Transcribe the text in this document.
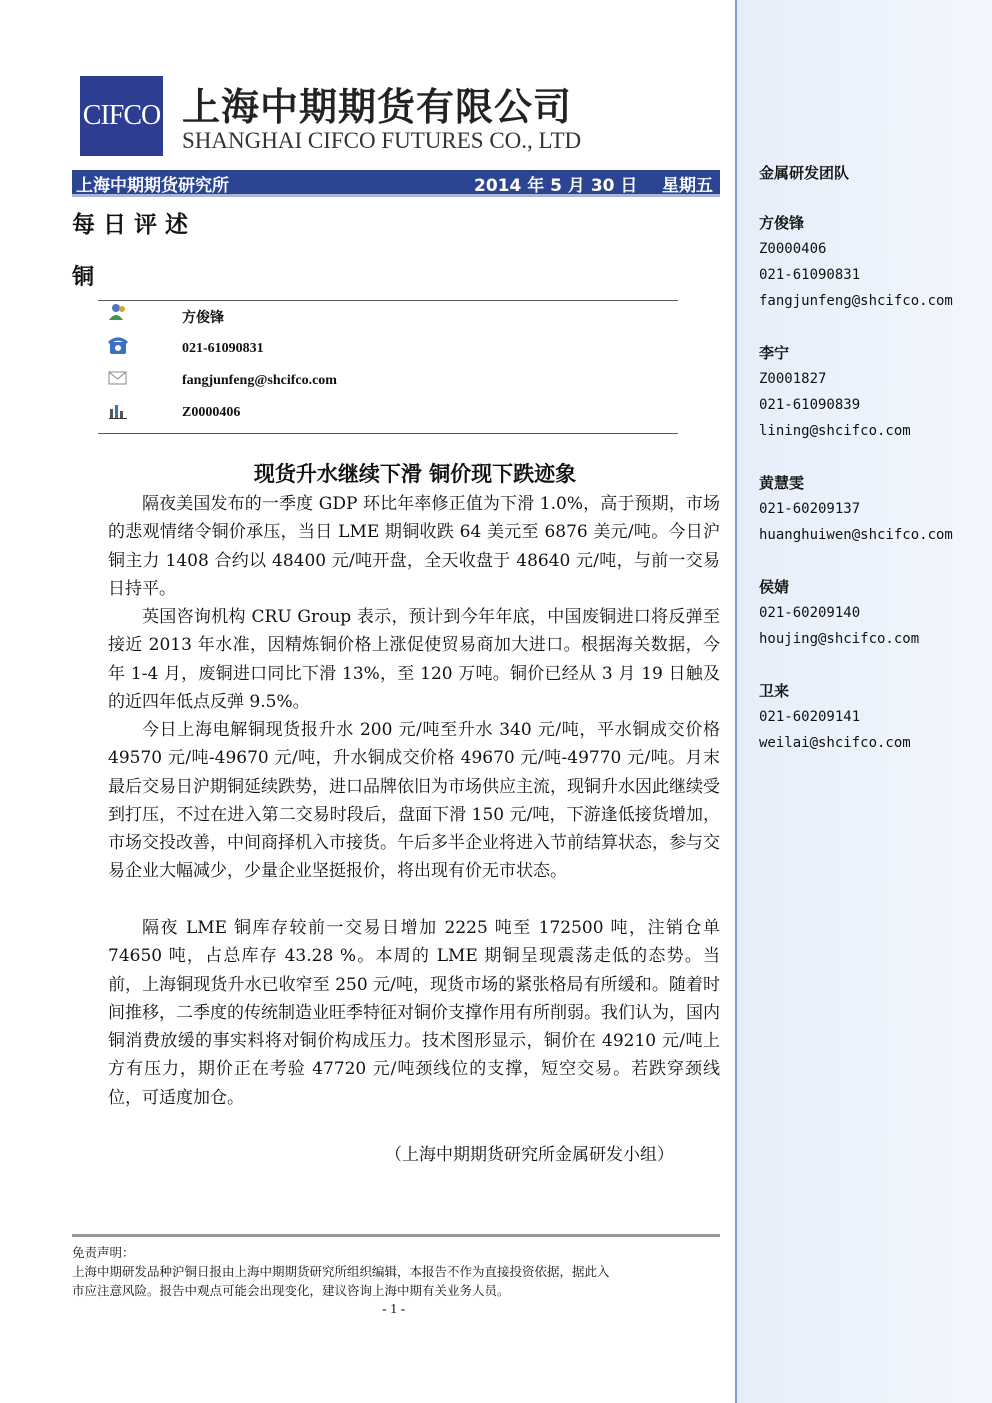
CIFCO 上海中期期货有限公司
SHANGHAI CIFCO FUTURES CO., LTD
上海中期期货研究所	2014 年 5 月 30 日 星期五
每日评述
铜
方俊锋
021-61090831
fangjunfeng@shcifco.com
Z0000406
现货升水继续下滑 铜价现下跌迹象

隔夜美国发布的一季度 GDP 环比年率修正值为下滑 1.0%，高于预期，市场的悲观情绪令铜价承压，当日 LME 期铜收跌 64 美元至 6876 美元/吨。今日沪铜主力 1408 合约以 48400 元/吨开盘，全天收盘于 48640 元/吨，与前一交易日持平。

英国咨询机构 CRU Group 表示，预计到今年年底，中国废铜进口将反弹至接近 2013 年水准，因精炼铜价格上涨促使贸易商加大进口。根据海关数据，今年 1-4 月，废铜进口同比下滑 13%，至 120 万吨。铜价已经从 3 月 19 日触及的近四年低点反弹 9.5%。

今日上海电解铜现货报升水 200 元/吨至升水 340 元/吨，平水铜成交价格 49570 元/吨-49670 元/吨，升水铜成交价格 49670 元/吨-49770 元/吨。月末最后交易日沪期铜延续跌势，进口品牌依旧为市场供应主流，现铜升水因此继续受到打压，不过在进入第二交易时段后，盘面下滑 150 元/吨，下游逢低接货增加，市场交投改善，中间商择机入市接货。午后多半企业将进入节前结算状态，参与交易企业大幅减少，少量企业坚挺报价，将出现有价无市状态。

隔夜 LME 铜库存较前一交易日增加 2225 吨至 172500 吨，注销仓单 74650 吨，占总库存 43.28 %。本周的 LME 期铜呈现震荡走低的态势。当前，上海铜现货升水已收窄至 250 元/吨，现货市场的紧张格局有所缓和。随着时间推移，二季度的传统制造业旺季特征对铜价支撑作用有所削弱。我们认为，国内铜消费放缓的事实料将对铜价构成压力。技术图形显示，铜价在 49210 元/吨上方有压力，期价正在考验 47720 元/吨颈线位的支撑，短空交易。若跌穿颈线位，可适度加仓。

（上海中期期货研究所金属研发小组）
免责声明：
上海中期研发品种沪铜日报由上海中期期货研究所组织编辑，本报告不作为直接投资依据，据此入
市应注意风险。报告中观点可能会出现变化，建议咨询上海中期有关业务人员。
- 1 -
金属研发团队
方俊锋
Z0000406
021-61090831
fangjunfeng@shcifco.com
李宁
Z0001827
021-61090839
lining@shcifco.com
黄慧雯
021-60209137
huanghuiwen@shcifco.com
侯婧
021-60209140
houjing@shcifco.com
卫来
021-60209141
weilai@shcifco.com
